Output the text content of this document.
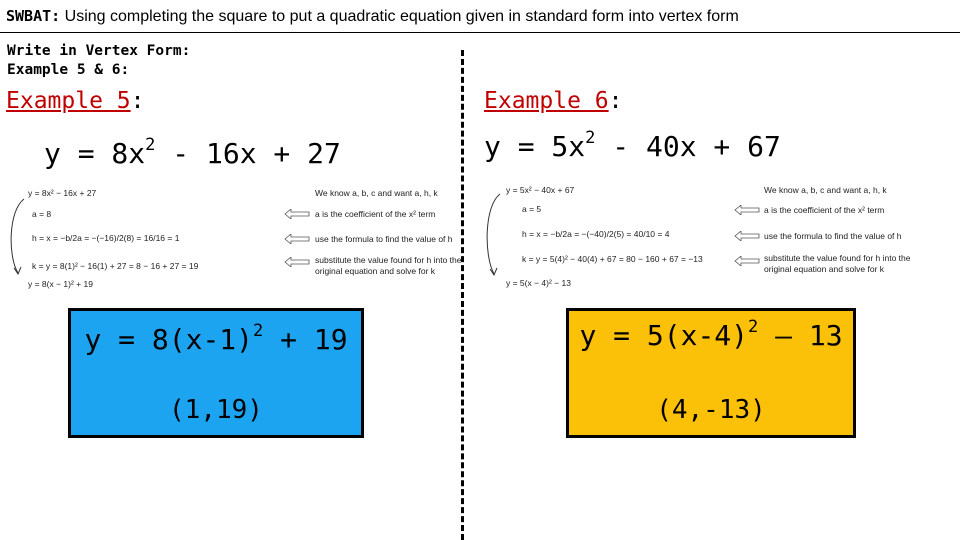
SWBAT: Using completing the square to put a quadratic equation given in standard form into vertex form
Write in Vertex Form:
Example 5 & 6:
Example 5:
$y = 8x^2 - 16x + 27$
y = 8x² − 16x + 27
a = 8
h = x = −b/2a = −(−16)/2(8) = 16/16 = 1
k = y = 8(1)² − 16(1) + 27 = 8 − 16 + 27 = 19
y = 8(x − 1)² + 19
We know a, b, c and want a, h, k
a is the coefficient of the x² term
use the formula to find the value of h
substitute the value found for h into the
original equation and solve for k
$y = 8(x-1)^2 + 19$
(1,19)
Example 6:
$y = 5x^2 - 40x + 67$
y = 5x² − 40x + 67
a = 5
h = x = −b/2a = −(−40)/2(5) = 40/10 = 4
k = y = 5(4)² − 40(4) + 67 = 80 − 160 + 67 = −13
y = 5(x − 4)² − 13
We know a, b, c and want a, h, k
a is the coefficient of the x² term
use the formula to find the value of h
substitute the value found for h into the
original equation and solve for k
$y = 5(x-4)^2 - 13$
(4,-13)
